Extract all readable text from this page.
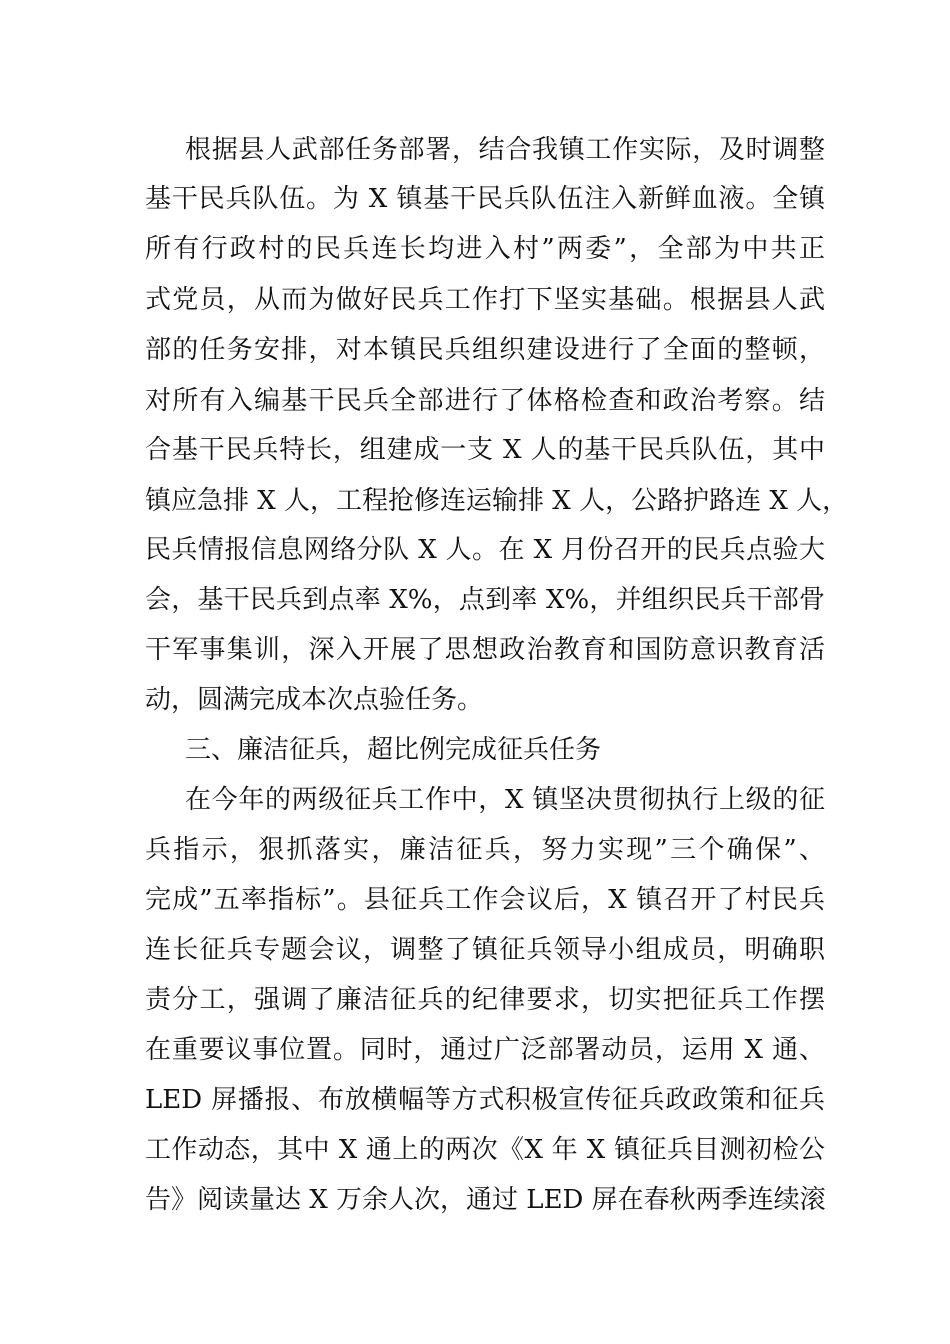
根据县人武部任务部署，结合我镇工作实际，及时调整
基干民兵队伍。为 X 镇基干民兵队伍注入新鲜血液。全镇
所有行政村的民兵连长均进入村”两委”，全部为中共正
式党员，从而为做好民兵工作打下坚实基础。根据县人武
部的任务安排，对本镇民兵组织建设进行了全面的整顿，
对所有入编基干民兵全部进行了体格检查和政治考察。结
合基干民兵特长，组建成一支 X 人的基干民兵队伍，其中
镇应急排 X 人，工程抢修连运输排 X 人，公路护路连 X 人，
民兵情报信息网络分队 X 人。在 X 月份召开的民兵点验大
会，基干民兵到点率 X%，点到率 X%，并组织民兵干部骨
干军事集训，深入开展了思想政治教育和国防意识教育活
动，圆满完成本次点验任务。
三、廉洁征兵，超比例完成征兵任务
在今年的两级征兵工作中，X 镇坚决贯彻执行上级的征
兵指示，狠抓落实，廉洁征兵，努力实现”三个确保”、
完成”五率指标”。县征兵工作会议后，X 镇召开了村民兵
连长征兵专题会议，调整了镇征兵领导小组成员，明确职
责分工，强调了廉洁征兵的纪律要求，切实把征兵工作摆
在重要议事位置。同时，通过广泛部署动员，运用 X 通、
LED 屏播报、布放横幅等方式积极宣传征兵政政策和征兵
工作动态，其中 X 通上的两次《X 年 X 镇征兵目测初检公
告》阅读量达 X 万余人次，通过 LED 屏在春秋两季连续滚
